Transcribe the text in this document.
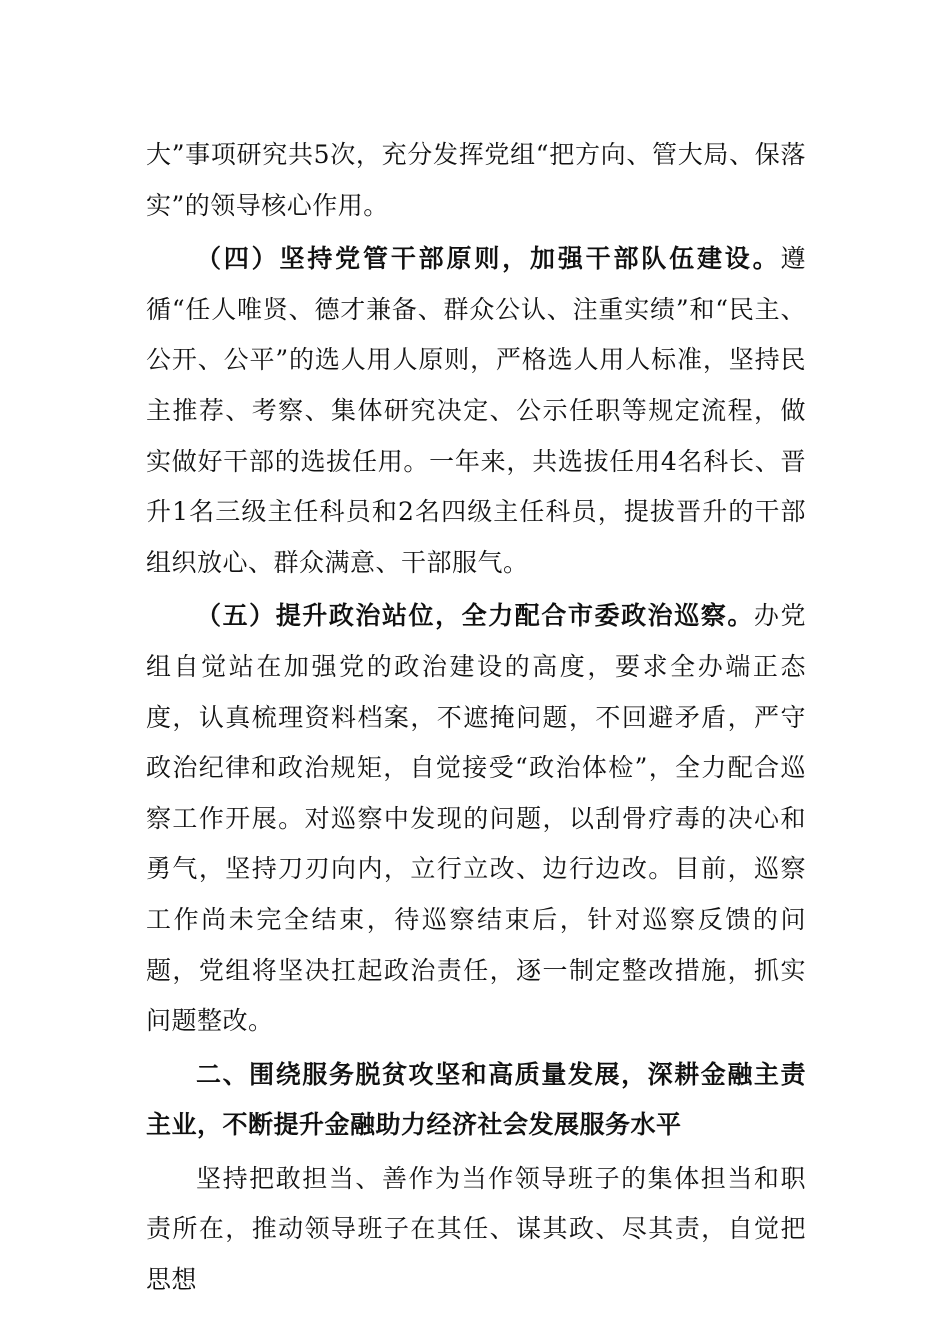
大”事项研究共5次，充分发挥党组“把方向、管大局、保落实”的领导核心作用。

（四）坚持党管干部原则，加强干部队伍建设。遵循“任人唯贤、德才兼备、群众公认、注重实绩”和“民主、公开、公平”的选人用人原则，严格选人用人标准，坚持民主推荐、考察、集体研究决定、公示任职等规定流程，做实做好干部的选拔任用。一年来，共选拔任用4名科长、晋升1名三级主任科员和2名四级主任科员，提拔晋升的干部组织放心、群众满意、干部服气。

（五）提升政治站位，全力配合市委政治巡察。办党组自觉站在加强党的政治建设的高度，要求全办端正态度，认真梳理资料档案，不遮掩问题，不回避矛盾，严守政治纪律和政治规矩，自觉接受“政治体检”，全力配合巡察工作开展。对巡察中发现的问题，以刮骨疗毒的决心和勇气，坚持刀刃向内，立行立改、边行边改。目前，巡察工作尚未完全结束，待巡察结束后，针对巡察反馈的问题，党组将坚决扛起政治责任，逐一制定整改措施，抓实问题整改。

二、围绕服务脱贫攻坚和高质量发展，深耕金融主责主业，不断提升金融助力经济社会发展服务水平

坚持把敢担当、善作为当作领导班子的集体担当和职责所在，推动领导班子在其任、谋其政、尽其责，自觉把思想
